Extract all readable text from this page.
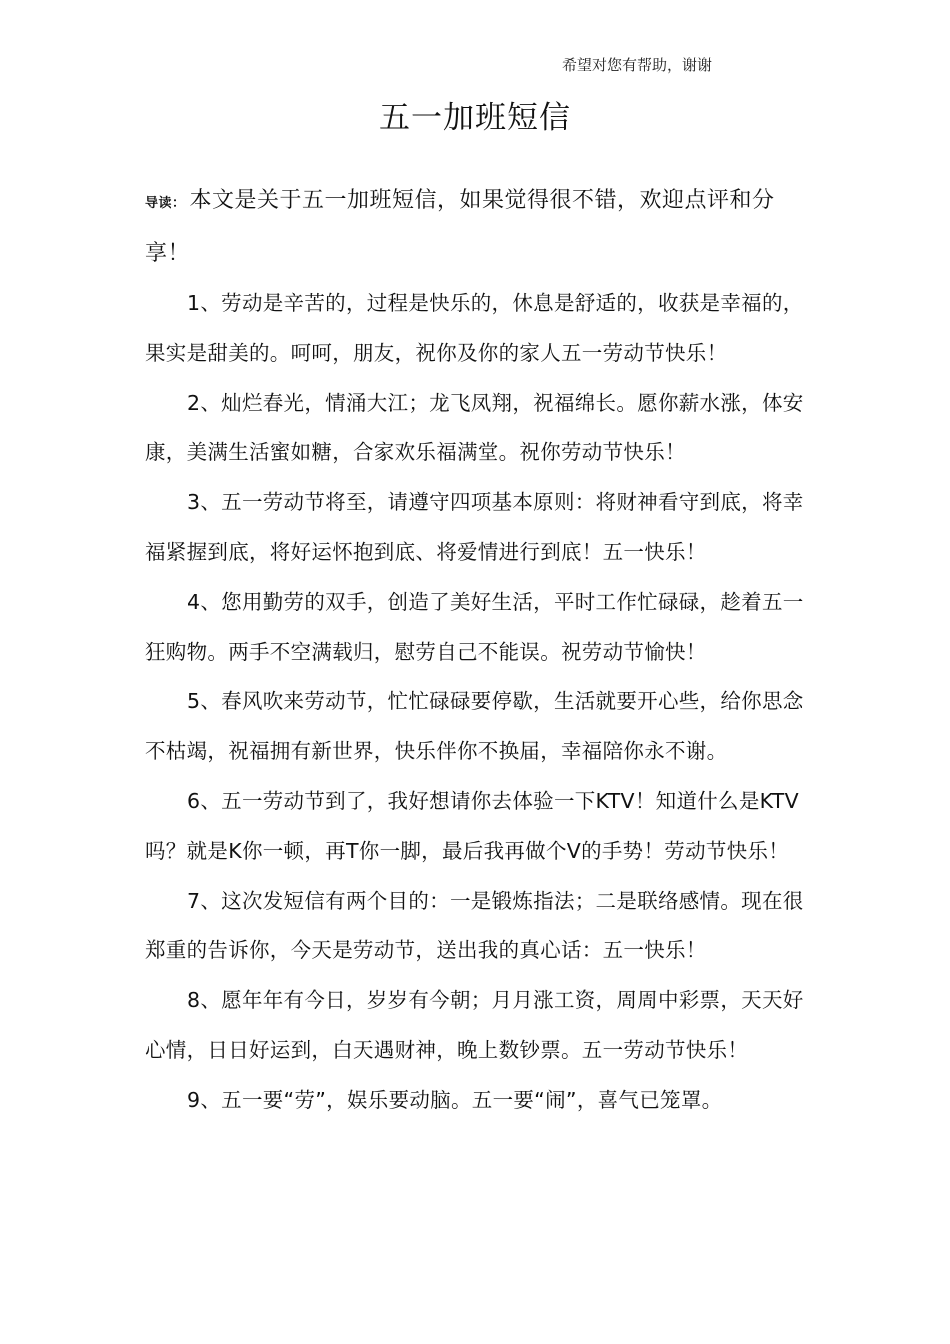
希望对您有帮助，谢谢
五一加班短信

导读： 本文是关于五一加班短信，如果觉得很不错，欢迎点评和分享！

1、劳动是辛苦的，过程是快乐的，休息是舒适的，收获是幸福的，果实是甜美的。呵呵，朋友，祝你及你的家人五一劳动节快乐！

2、灿烂春光，情涌大江；龙飞凤翔，祝福绵长。愿你薪水涨，体安康，美满生活蜜如糖，合家欢乐福满堂。祝你劳动节快乐！

3、五一劳动节将至，请遵守四项基本原则：将财神看守到底，将幸福紧握到底，将好运怀抱到底、将爱情进行到底！五一快乐！

4、您用勤劳的双手，创造了美好生活，平时工作忙碌碌，趁着五一狂购物。两手不空满载归，慰劳自己不能误。祝劳动节愉快！

5、春风吹来劳动节，忙忙碌碌要停歇，生活就要开心些，给你思念不枯竭，祝福拥有新世界，快乐伴你不换届，幸福陪你永不谢。

6、五一劳动节到了，我好想请你去体验一下KTV！知道什么是KTV吗？就是K你一顿，再T你一脚，最后我再做个V的手势！劳动节快乐！

7、这次发短信有两个目的：一是锻炼指法；二是联络感情。现在很郑重的告诉你，今天是劳动节，送出我的真心话：五一快乐！

8、愿年年有今日，岁岁有今朝；月月涨工资，周周中彩票，天天好心情，日日好运到，白天遇财神，晚上数钞票。五一劳动节快乐！

9、五一要“劳”，娱乐要动脑。五一要“闹”，喜气已笼罩。
